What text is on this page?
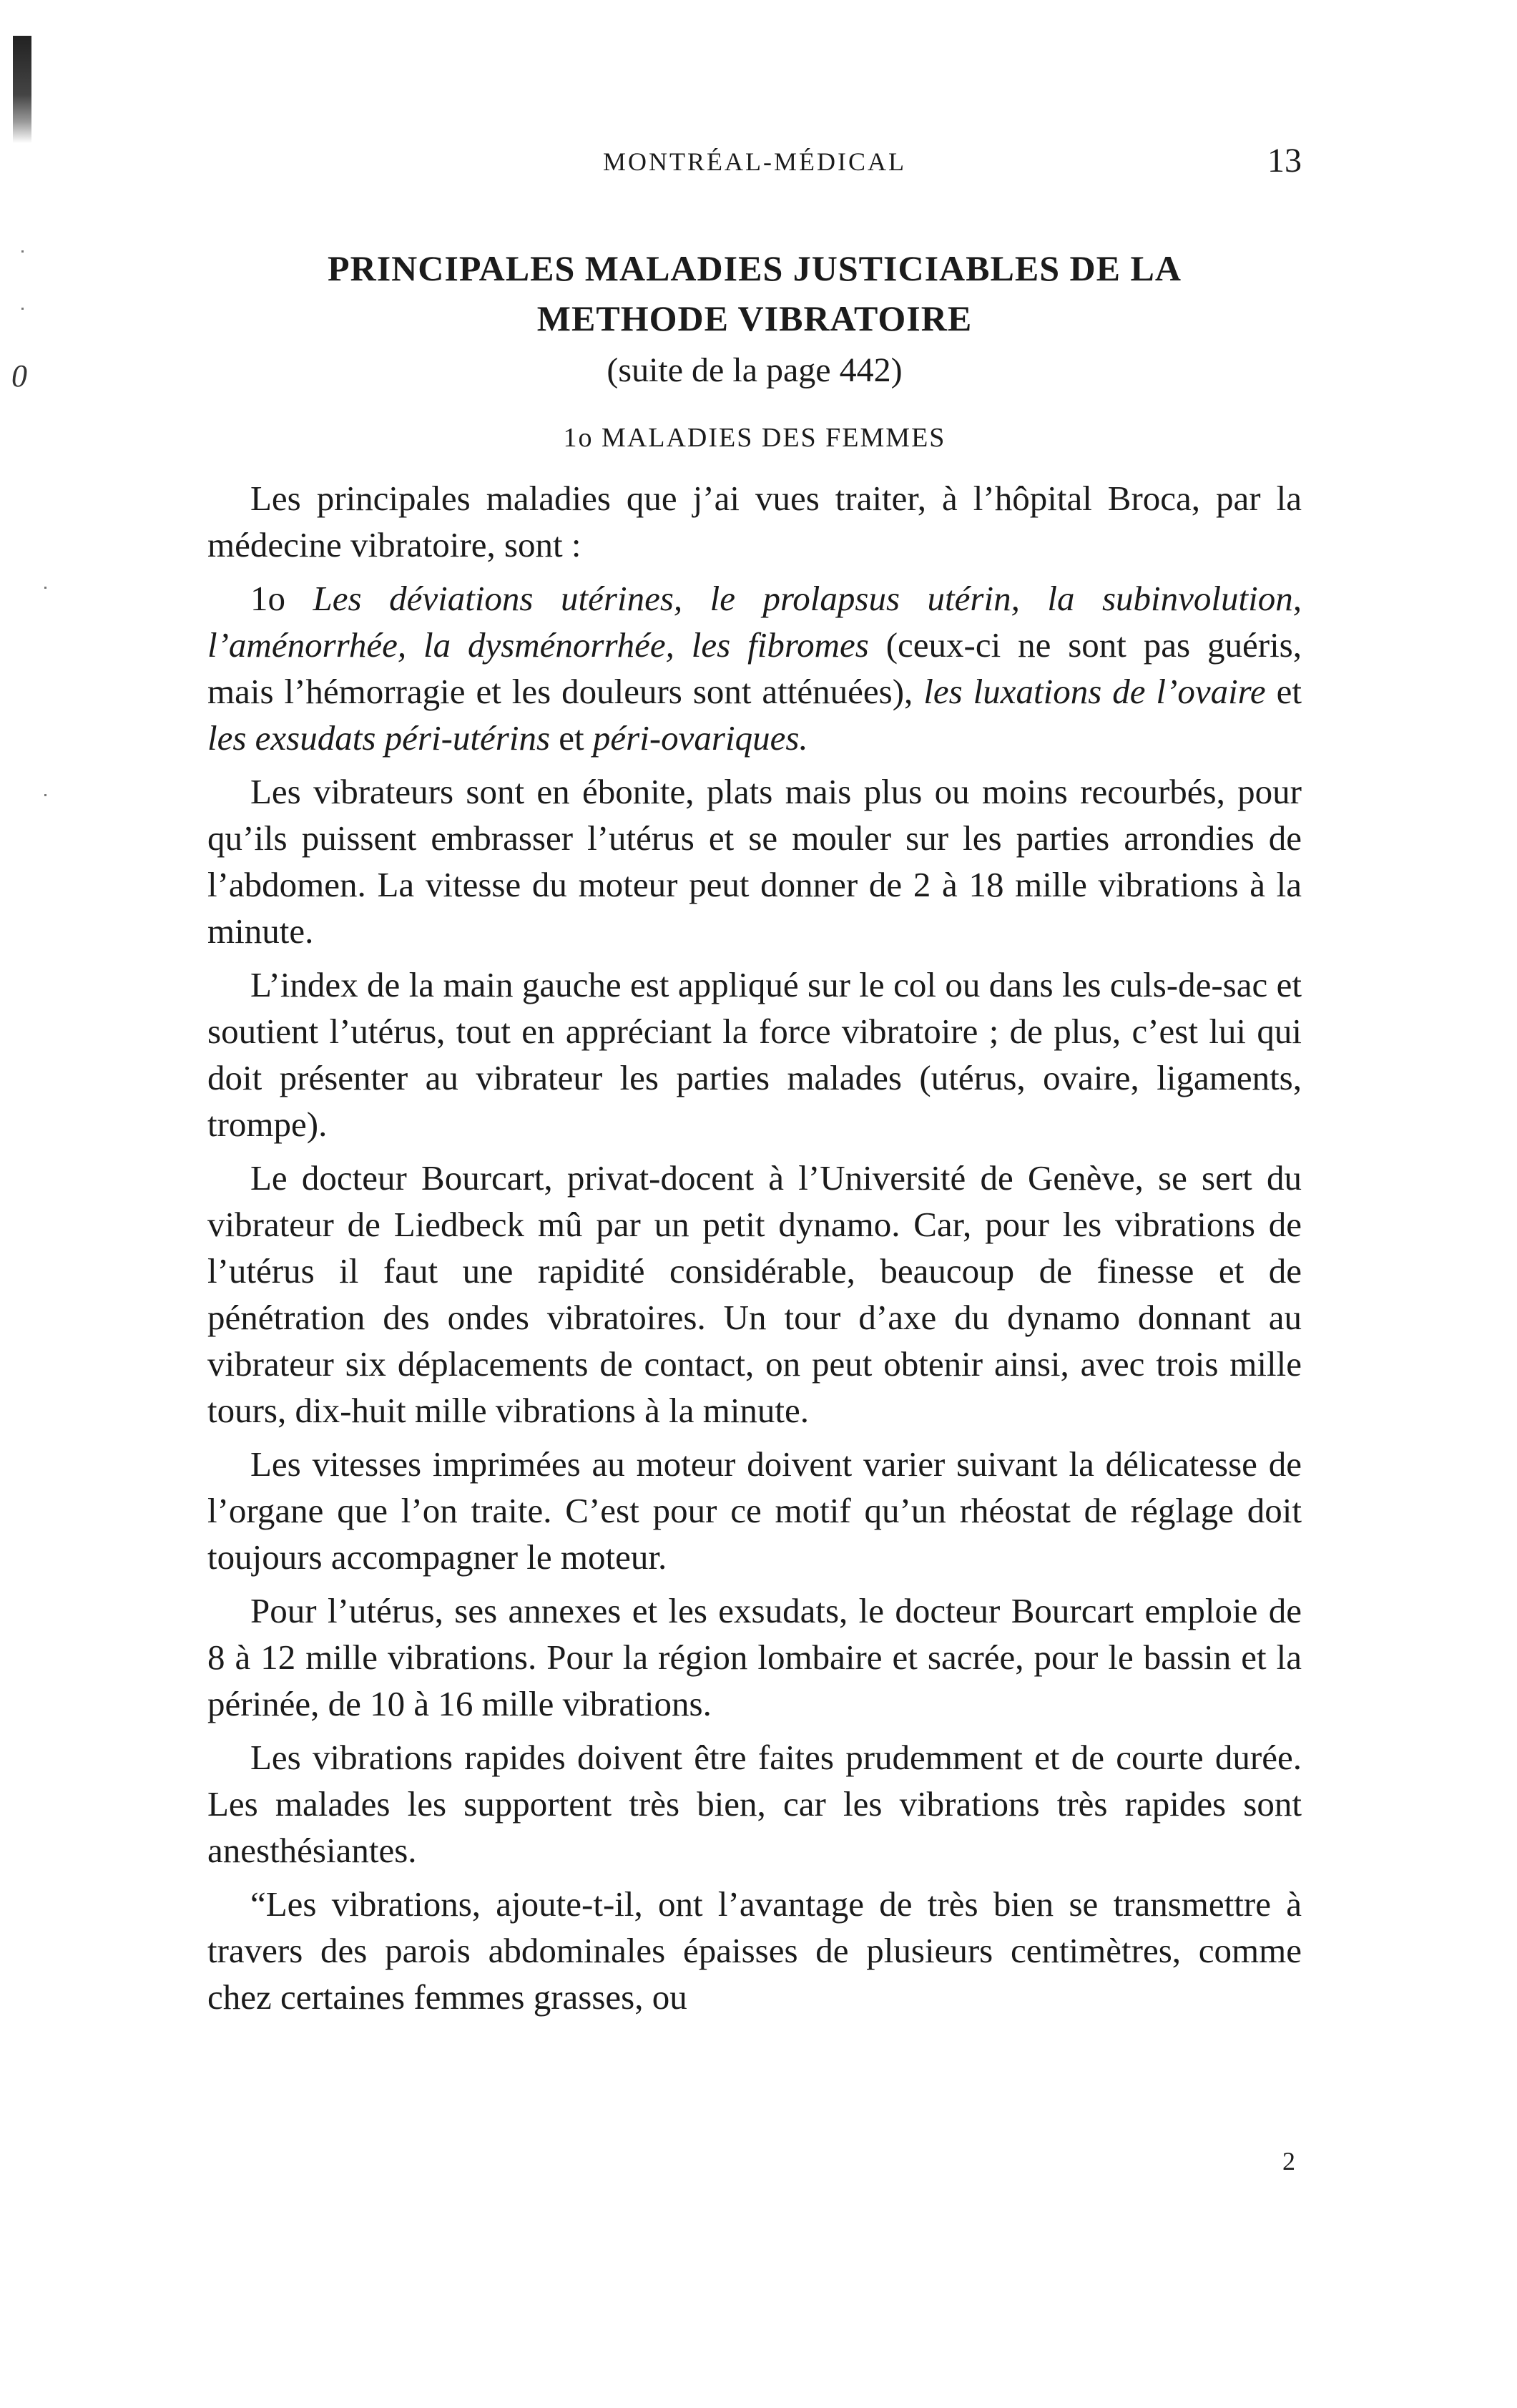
0
MONTRÉAL-MÉDICAL	13
PRINCIPALES MALADIES JUSTICIABLES DE LA
METHODE VIBRATOIRE
(suite de la page 442)
1o MALADIES DES FEMMES

Les principales maladies que j’ai vues traiter, à l’hôpital Broca, par la médecine vibratoire, sont :

1o Les déviations utérines, le prolapsus utérin, la subinvolution, l’aménorrhée, la dysménorrhée, les fibromes (ceux-ci ne sont pas guéris, mais l’hémorragie et les douleurs sont atténuées), les luxations de l’ovaire et les exsudats péri-utérins et péri-ovariques.

Les vibrateurs sont en ébonite, plats mais plus ou moins recourbés, pour qu’ils puissent embrasser l’utérus et se mouler sur les parties arrondies de l’abdomen. La vitesse du moteur peut donner de 2 à 18 mille vibrations à la minute.

L’index de la main gauche est appliqué sur le col ou dans les culs-de-sac et soutient l’utérus, tout en appréciant la force vibratoire ; de plus, c’est lui qui doit présenter au vibrateur les parties malades (utérus, ovaire, ligaments, trompe).

Le docteur Bourcart, privat-docent à l’Université de Genève, se sert du vibrateur de Liedbeck mû par un petit dynamo. Car, pour les vibrations de l’utérus il faut une rapidité considérable, beaucoup de finesse et de pénétration des ondes vibratoires. Un tour d’axe du dynamo donnant au vibrateur six déplacements de contact, on peut obtenir ainsi, avec trois mille tours, dix-huit mille vibrations à la minute.

Les vitesses imprimées au moteur doivent varier suivant la délicatesse de l’organe que l’on traite. C’est pour ce motif qu’un rhéostat de réglage doit toujours accompagner le moteur.

Pour l’utérus, ses annexes et les exsudats, le docteur Bourcart emploie de 8 à 12 mille vibrations. Pour la région lombaire et sacrée, pour le bassin et la périnée, de 10 à 16 mille vibrations.

Les vibrations rapides doivent être faites prudemment et de courte durée. Les malades les supportent très bien, car les vibrations très rapides sont anesthésiantes.

“Les vibrations, ajoute-t-il, ont l’avantage de très bien se transmettre à travers des parois abdominales épaisses de plusieurs centimètres, comme chez certaines femmes grasses, ou

2
